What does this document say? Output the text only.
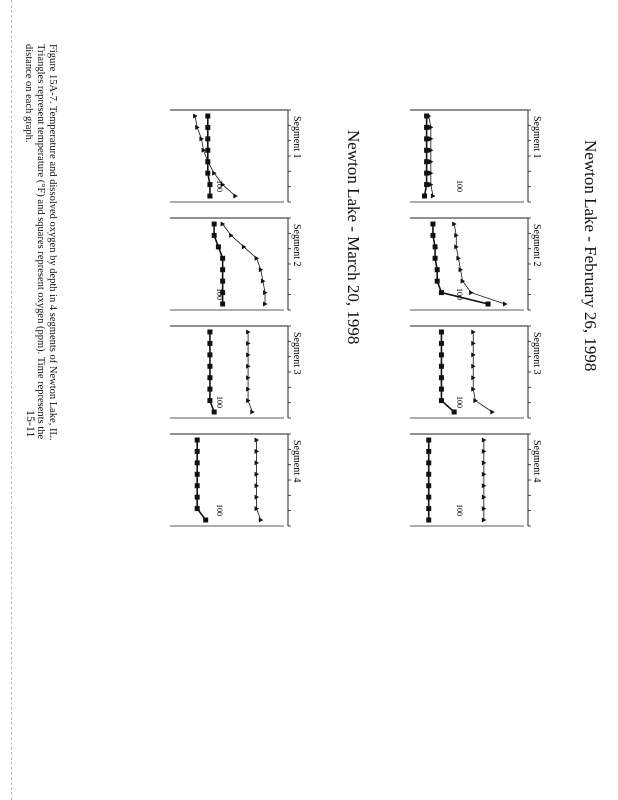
Newton Lake - February 26, 1998
Newton Lake - March 20, 1998	Segment 1
100
Segment 2
100
Segment 3
100
Segment 4
100
Segment 1
100
Segment 2
100
Segment 3
100
Segment 4
100
Figure 15A-7. Temperature and dissolved oxygen by depth in 4 segments of Newton Lake, IL. Triangles represent temperature (°F) and squares represent oxygen (ppm). Time represents the distance on each graph.
15-11
